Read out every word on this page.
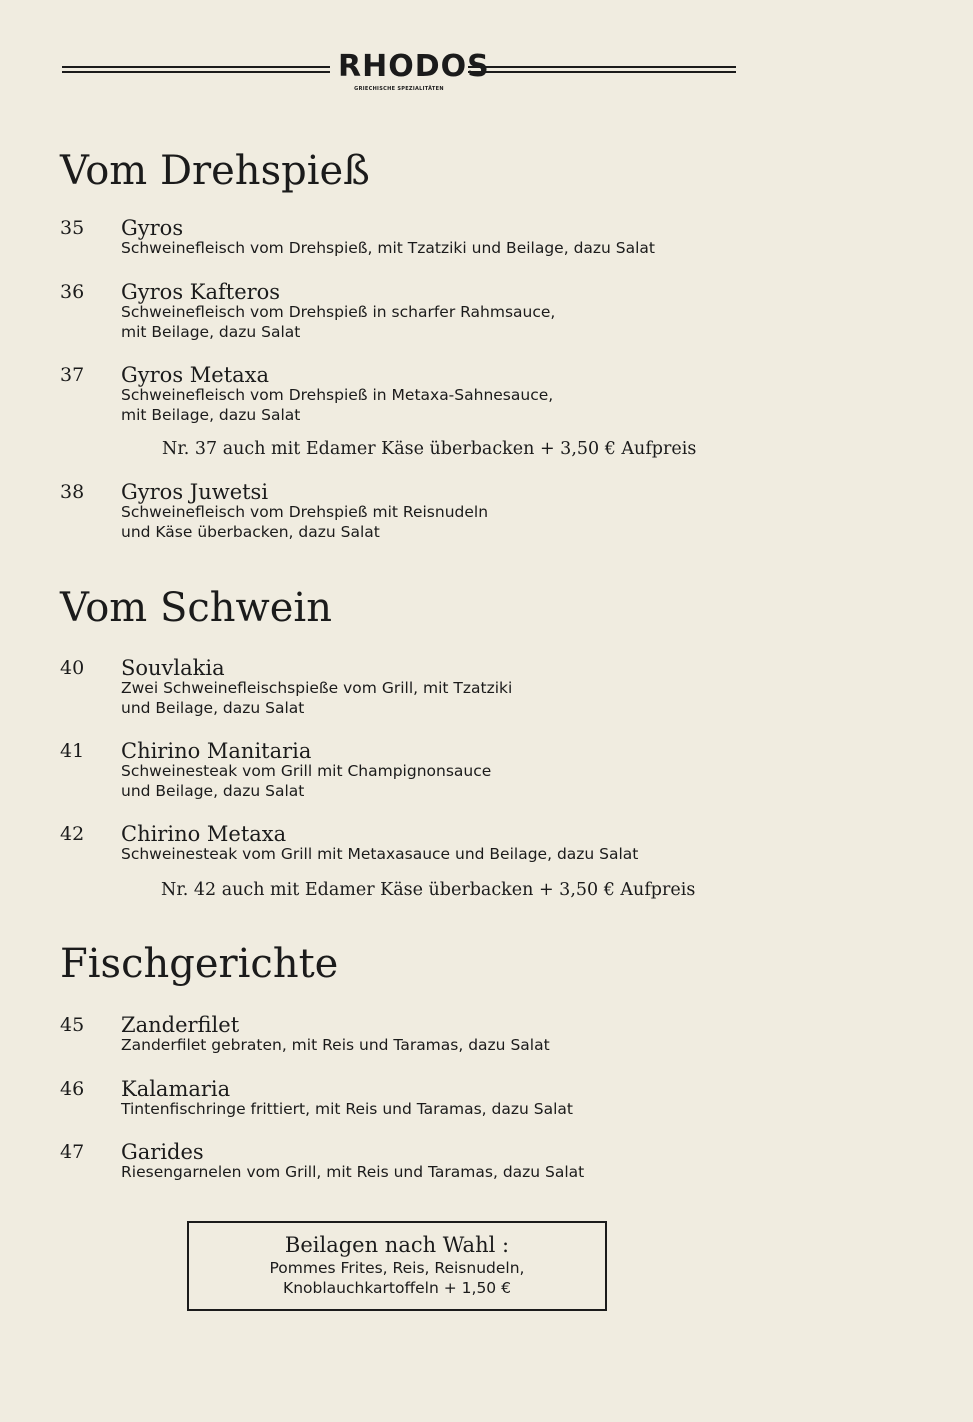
RHODOS
GRIECHISCHE SPEZIALITÄTEN
Vom Drehspieß
35 Gyros
Schweinefleisch vom Drehspieß, mit Tzatziki und Beilage, dazu Salat
36 Gyros Kafteros
Schweinefleisch vom Drehspieß in scharfer Rahmsauce,
mit Beilage, dazu Salat
37 Gyros Metaxa
Schweinefleisch vom Drehspieß in Metaxa-Sahnesauce,
mit Beilage, dazu Salat
Nr. 37 auch mit Edamer Käse überbacken + 3,50 € Aufpreis
38 Gyros Juwetsi
Schweinefleisch vom Drehspieß mit Reisnudeln
und Käse überbacken, dazu Salat
Vom Schwein
40 Souvlakia
Zwei Schweinefleischspieße vom Grill, mit Tzatziki
und Beilage, dazu Salat
41 Chirino Manitaria
Schweinesteak vom Grill mit Champignonsauce
und Beilage, dazu Salat
42 Chirino Metaxa
Schweinesteak vom Grill mit Metaxasauce und Beilage, dazu Salat
Nr. 42 auch mit Edamer Käse überbacken + 3,50 € Aufpreis
Fischgerichte
45 Zanderfilet
Zanderfilet gebraten, mit Reis und Taramas, dazu Salat
46 Kalamaria
Tintenfischringe frittiert, mit Reis und Taramas, dazu Salat
47 Garides
Riesengarnelen vom Grill, mit Reis und Taramas, dazu Salat
Beilagen nach Wahl :
Pommes Frites, Reis, Reisnudeln,
Knoblauchkartoffeln + 1,50 €
